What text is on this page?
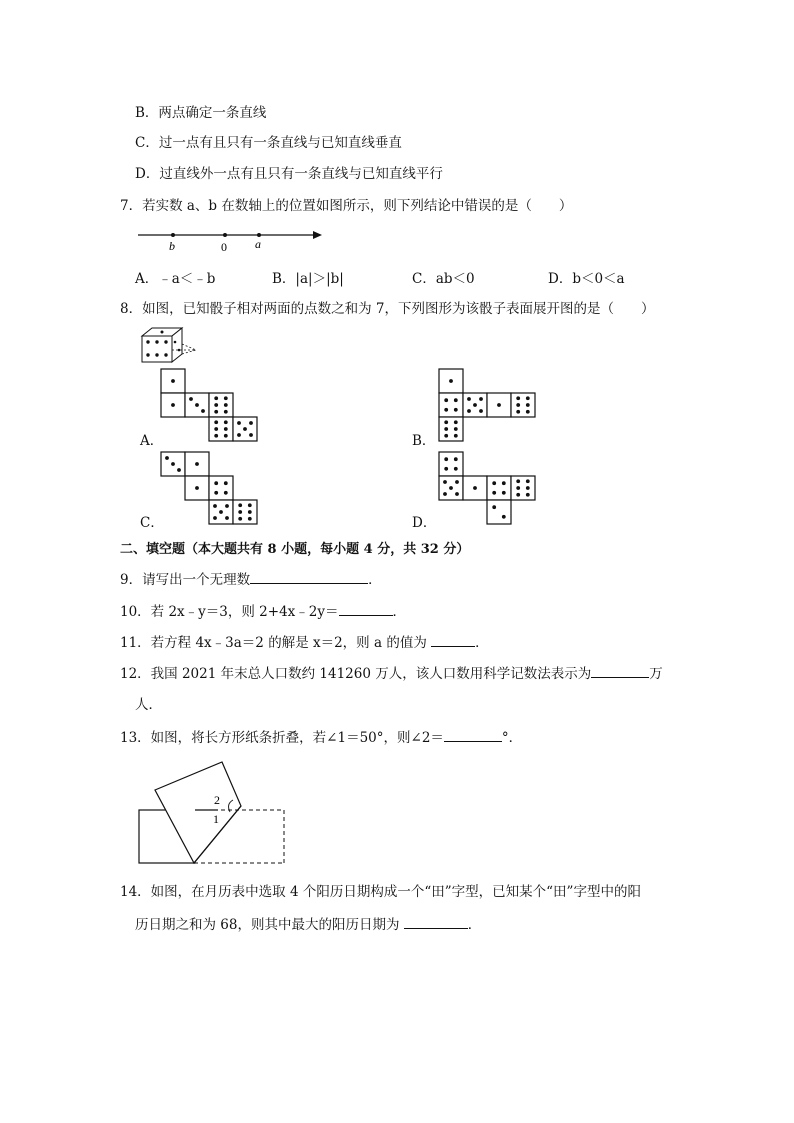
B．两点确定一条直线
C．过一点有且只有一条直线与已知直线垂直
D．过直线外一点有且只有一条直线与已知直线平行
7．若实数 a、b 在数轴上的位置如图所示，则下列结论中错误的是（　　）
b	0 a
A．﹣a＜﹣b	B．|a|＞|b|	C．ab＜0	D．b＜0＜a
8．如图，已知骰子相对两面的点数之和为 7，下列图形为该骰子表面展开图的是（　　）
A．	B．
C．	D．
二、填空题（本大题共有 8 小题，每小题 4 分，共 32 分）
9．请写出一个无理数	．
10．若 2x﹣y＝3，则 2+4x﹣2y＝	．
11．若方程 4x﹣3a＝2 的解是 x＝2，则 a 的值为	．
12．我国 2021 年末总人口数约 141260 万人，该人口数用科学记数法表示为	万
人．
13．如图，将长方形纸条折叠，若∠1＝50°，则∠2＝	°．
2
1
14．如图，在月历表中选取 4 个阳历日期构成一个“田”字型，已知某个“田”字型中的阳
历日期之和为 68，则其中最大的阳历日期为	．
